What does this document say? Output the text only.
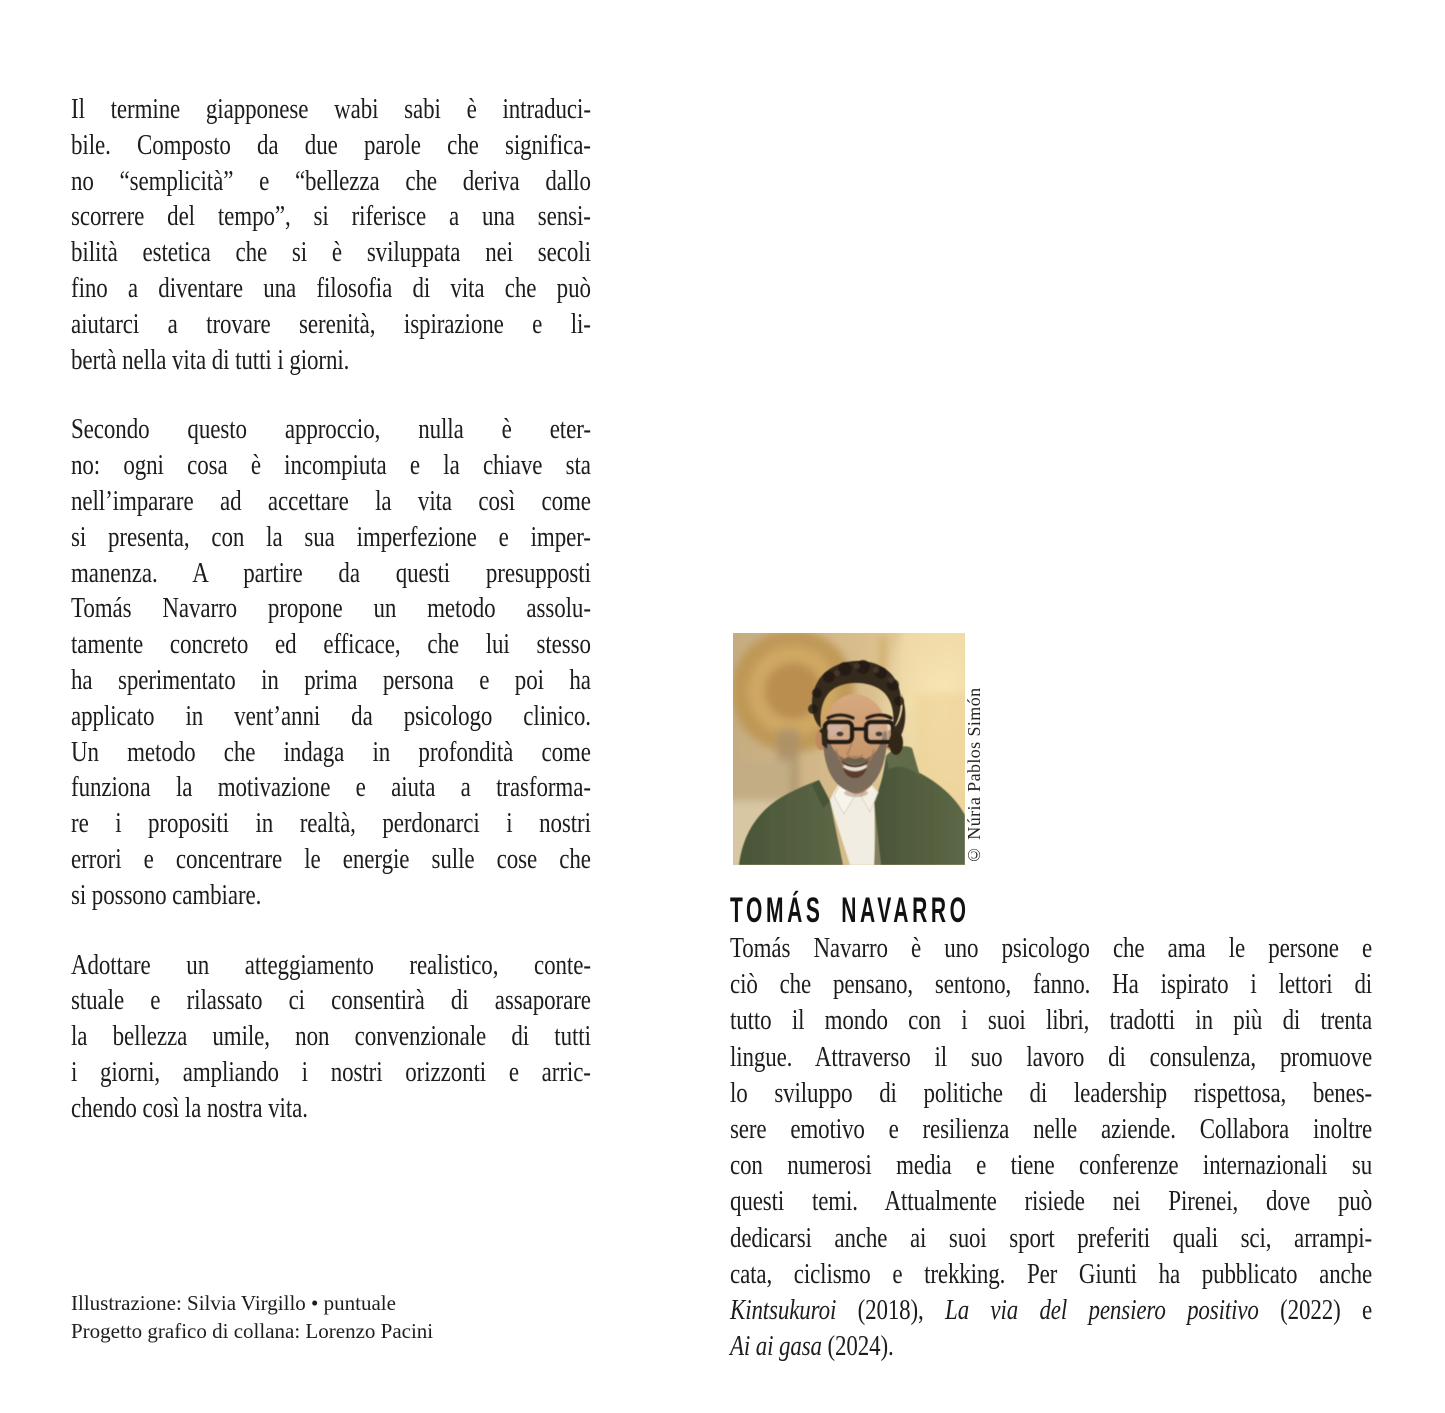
Il termine giapponese wabi sabi è intraduci-
bile. Composto da due parole che significa-
no “semplicità” e “bellezza che deriva dallo
scorrere del tempo”, si riferisce a una sensi-
bilità estetica che si è sviluppata nei secoli
fino a diventare una filosofia di vita che può
aiutarci a trovare serenità, ispirazione e li-
bertà nella vita di tutti i giorni.
Secondo questo approccio, nulla è eter-
no: ogni cosa è incompiuta e la chiave sta
nell’imparare ad accettare la vita così come
si presenta, con la sua imperfezione e imper-
manenza. A partire da questi presupposti
Tomás Navarro propone un metodo assolu-
tamente concreto ed efficace, che lui stesso
ha sperimentato in prima persona e poi ha
applicato in vent’anni da psicologo clinico.
Un metodo che indaga in profondità come
funziona la motivazione e aiuta a trasforma-
re i propositi in realtà, perdonarci i nostri
errori e concentrare le energie sulle cose che
si possono cambiare.
Adottare un atteggiamento realistico, conte-
stuale e rilassato ci consentirà di assaporare
la bellezza umile, non convenzionale di tutti
i giorni, ampliando i nostri orizzonti e arric-
chendo così la nostra vita.
Illustrazione: Silvia Virgillo • puntuale
Progetto grafico di collana: Lorenzo Pacini
© Núria Pablos Simón
TOMÁS NAVARRO
Tomás Navarro è uno psicologo che ama le persone e
ciò che pensano, sentono, fanno. Ha ispirato i lettori di
tutto il mondo con i suoi libri, tradotti in più di trenta
lingue. Attraverso il suo lavoro di consulenza, promuove
lo sviluppo di politiche di leadership rispettosa, benes-
sere emotivo e resilienza nelle aziende. Collabora inoltre
con numerosi media e tiene conferenze internazionali su
questi temi. Attualmente risiede nei Pirenei, dove può
dedicarsi anche ai suoi sport preferiti quali sci, arrampi-
cata, ciclismo e trekking. Per Giunti ha pubblicato anche
Kintsukuroi (2018), La via del pensiero positivo (2022) e
Ai ai gasa (2024).
